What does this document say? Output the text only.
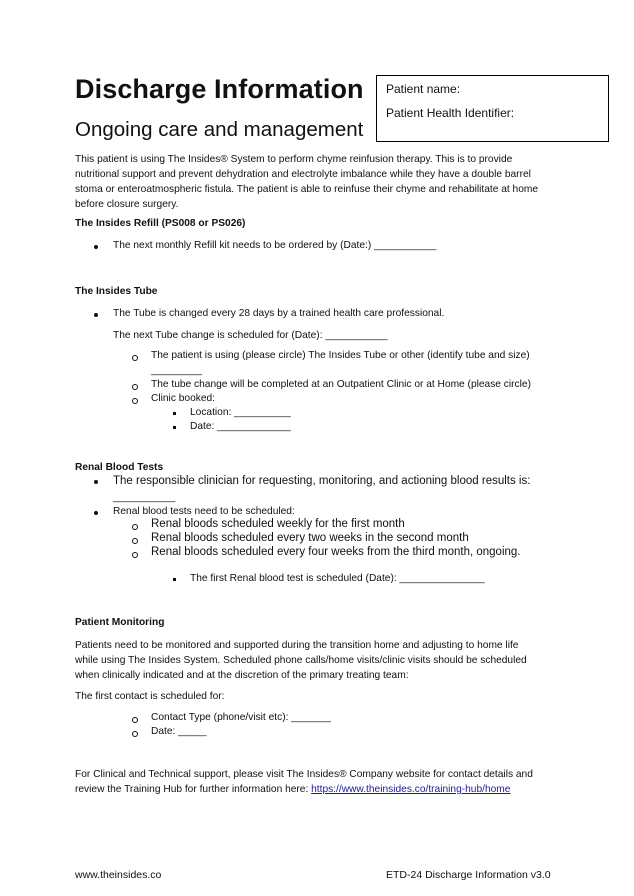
Discharge Information
Ongoing care and management
Patient name:
Patient Health Identifier:
This patient is using The Insides® System to perform chyme reinfusion therapy. This is to provide
nutritional support and prevent dehydration and electrolyte imbalance while they have a double barrel
stoma or enteroatmospheric fistula. The patient is able to reinfuse their chyme and rehabilitate at home
before closure surgery.
The Insides Refill (PS008 or PS026)
The next monthly Refill kit needs to be ordered by (Date:) ___________
The Insides Tube
The Tube is changed every 28 days by a trained health care professional.
The next Tube change is scheduled for (Date): ___________
The patient is using (please circle) The Insides Tube or other (identify tube and size)
_________
The tube change will be completed at an Outpatient Clinic or at Home (please circle)
Clinic booked:
Location: __________
Date: _____________
Renal Blood Tests
The responsible clinician for requesting, monitoring, and actioning blood results is:
___________
Renal blood tests need to be scheduled:
Renal bloods scheduled weekly for the first month
Renal bloods scheduled every two weeks in the second month
Renal bloods scheduled every four weeks from the third month, ongoing.
The first Renal blood test is scheduled (Date): _______________
Patient Monitoring
Patients need to be monitored and supported during the transition home and adjusting to home life
while using The Insides System. Scheduled phone calls/home visits/clinic visits should be scheduled
when clinically indicated and at the discretion of the primary treating team:
The first contact is scheduled for:
Contact Type (phone/visit etc): _______
Date: _____
For Clinical and Technical support, please visit The Insides® Company website for contact details and
review the Training Hub for further information here: https://www.theinsides.co/training-hub/home
www.theinsides.co	ETD-24 Discharge Information v3.0
